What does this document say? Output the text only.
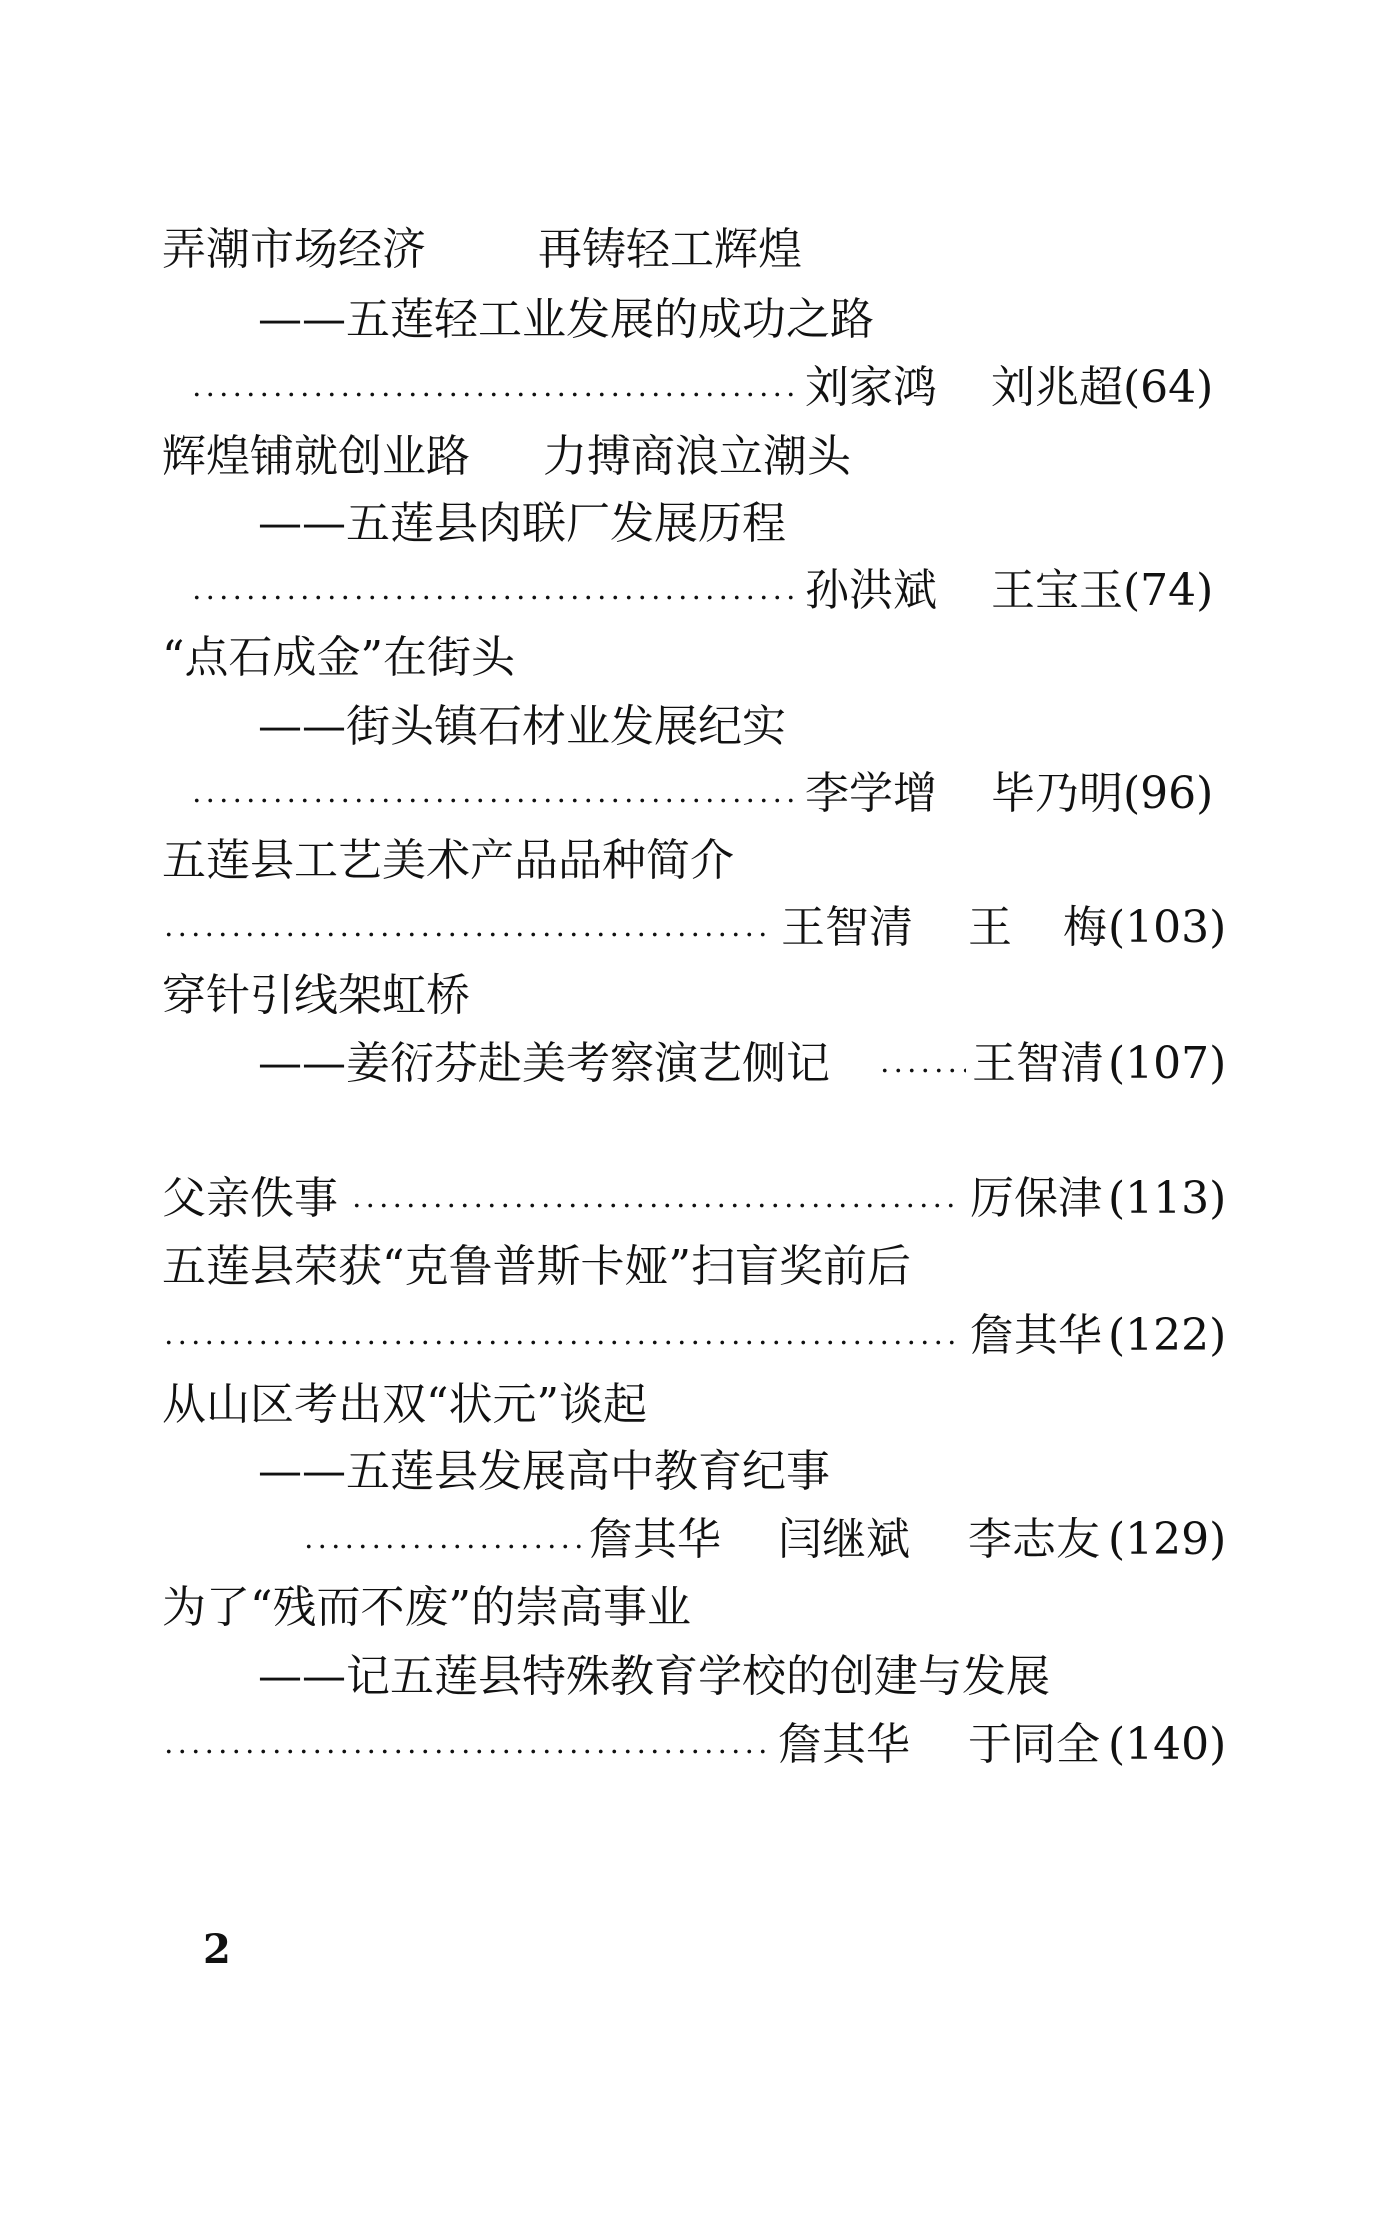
弄潮市场经济	再铸轻工辉煌
——五莲轻工业发展的成功之路
刘家鸿 刘兆超 (64)
辉煌铺就创业路 力搏商浪立潮头
——五莲县肉联厂发展历程
孙洪斌 王宝玉 (74)
“点石成金”在街头
——街头镇石材业发展纪实
李学增 毕乃明 (96)
五莲县工艺美术产品品种简介
王智清 王 梅 (103)
穿针引线架虹桥
——姜衍芬赴美考察演艺侧记	王智清 (107)
父亲佚事	厉保津 (113)
五莲县荣获“克鲁普斯卡娅”扫盲奖前后
詹其华 (122)
从山区考出双“状元”谈起
——五莲县发展高中教育纪事
詹其华 闫继斌 李志友 (129)
为了“残而不废”的崇高事业
——记五莲县特殊教育学校的创建与发展
詹其华 于同全 (140)
2
